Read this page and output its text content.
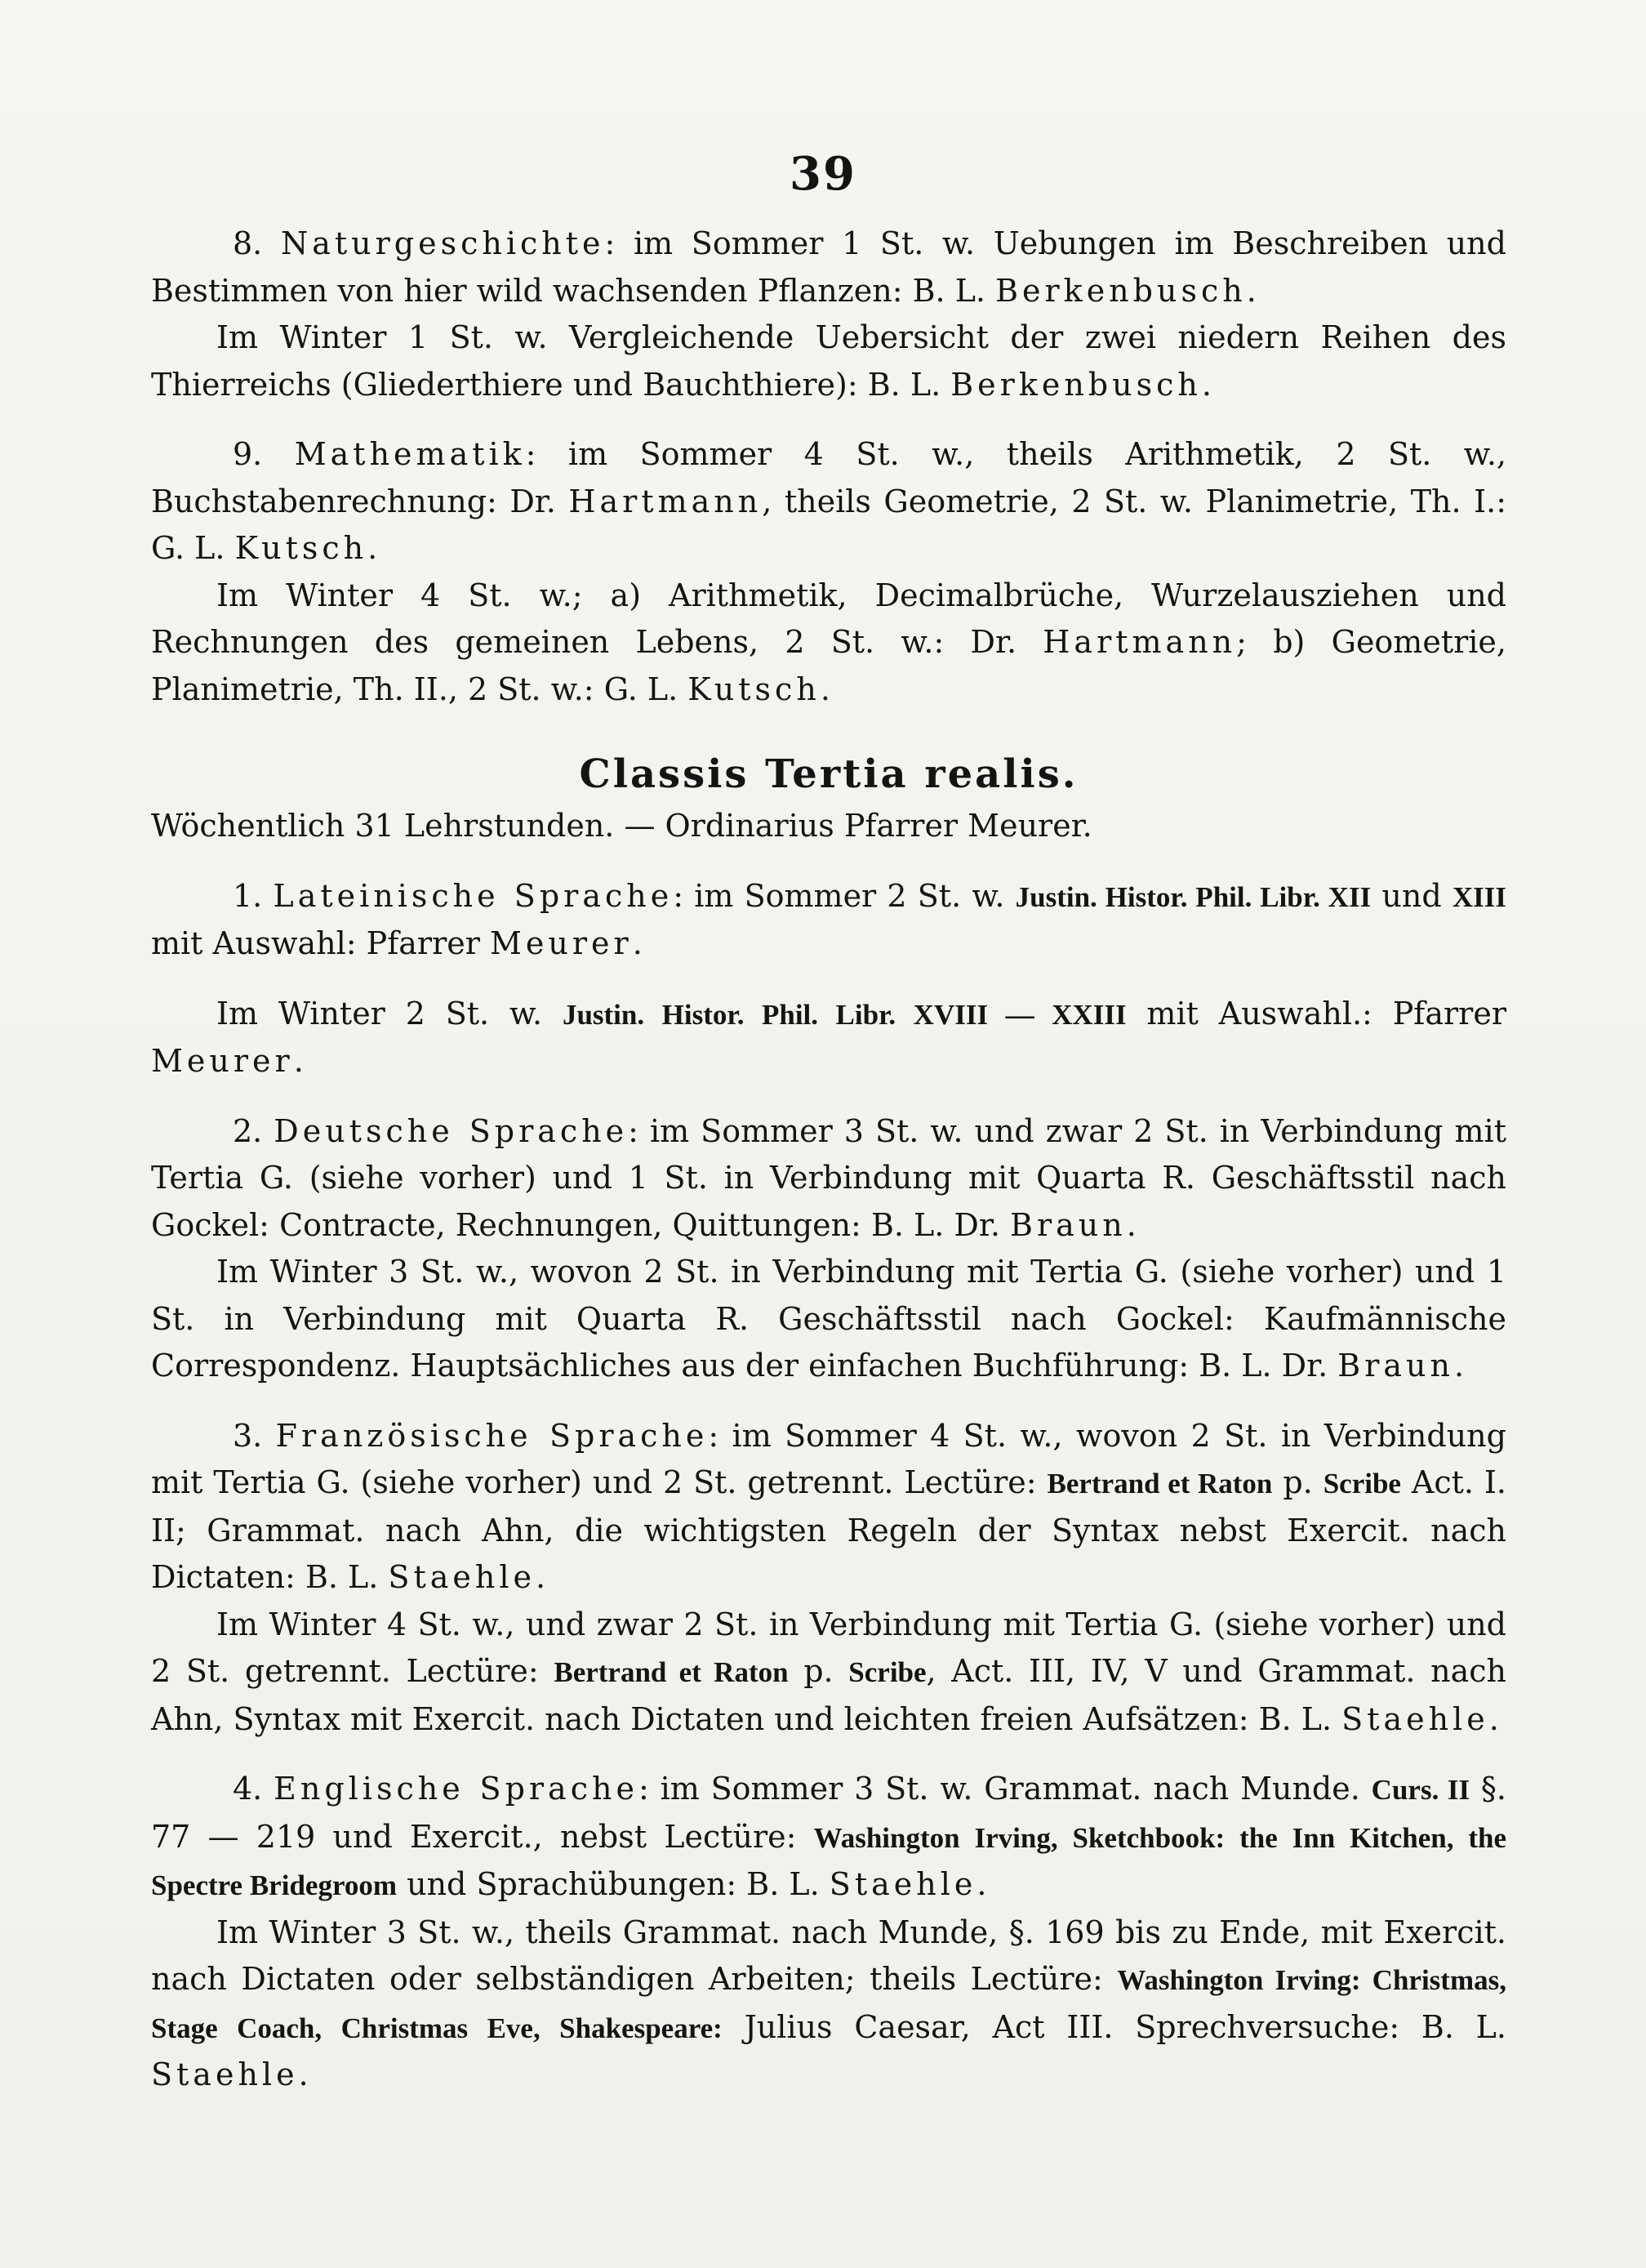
39

8. Naturgeschichte: im Sommer 1 St. w. Uebungen im Beschreiben und Bestimmen von hier wild wachsenden Pflanzen: B. L. Berkenbusch.

Im Winter 1 St. w. Vergleichende Uebersicht der zwei niedern Reihen des Thierreichs (Gliederthiere und Bauchthiere): B. L. Berkenbusch.

9. Mathematik: im Sommer 4 St. w., theils Arithmetik, 2 St. w., Buchstabenrechnung: Dr. Hartmann, theils Geometrie, 2 St. w. Planimetrie, Th. I.: G. L. Kutsch.

Im Winter 4 St. w.; a) Arithmetik, Decimalbrüche, Wurzelausziehen und Rechnungen des gemeinen Lebens, 2 St. w.: Dr. Hartmann; b) Geometrie, Planimetrie, Th. II., 2 St. w.: G. L. Kutsch.

Classis Tertia realis.

Wöchentlich 31 Lehrstunden. — Ordinarius Pfarrer Meurer.

1. Lateinische Sprache: im Sommer 2 St. w. Justin. Histor. Phil. Libr. XII und XIII mit Auswahl: Pfarrer Meurer.

Im Winter 2 St. w. Justin. Histor. Phil. Libr. XVIII — XXIII mit Auswahl.: Pfarrer Meurer.

2. Deutsche Sprache: im Sommer 3 St. w. und zwar 2 St. in Verbindung mit Tertia G. (siehe vorher) und 1 St. in Verbindung mit Quarta R. Geschäftsstil nach Gockel: Contracte, Rechnungen, Quittungen: B. L. Dr. Braun.

Im Winter 3 St. w., wovon 2 St. in Verbindung mit Tertia G. (siehe vorher) und 1 St. in Verbindung mit Quarta R. Geschäftsstil nach Gockel: Kaufmännische Correspondenz. Hauptsächliches aus der einfachen Buchführung: B. L. Dr. Braun.

3. Französische Sprache: im Sommer 4 St. w., wovon 2 St. in Verbindung mit Tertia G. (siehe vorher) und 2 St. getrennt. Lectüre: Bertrand et Raton p. Scribe Act. I. II; Grammat. nach Ahn, die wichtigsten Regeln der Syntax nebst Exercit. nach Dictaten: B. L. Staehle.

Im Winter 4 St. w., und zwar 2 St. in Verbindung mit Tertia G. (siehe vorher) und 2 St. getrennt. Lectüre: Bertrand et Raton p. Scribe, Act. III, IV, V und Grammat. nach Ahn, Syntax mit Exercit. nach Dictaten und leichten freien Aufsätzen: B. L. Staehle.

4. Englische Sprache: im Sommer 3 St. w. Grammat. nach Munde. Curs. II §. 77 — 219 und Exercit., nebst Lectüre: Washington Irving, Sketchbook: the Inn Kitchen, the Spectre Bridegroom und Sprachübungen: B. L. Staehle.

Im Winter 3 St. w., theils Grammat. nach Munde, §. 169 bis zu Ende, mit Exercit. nach Dictaten oder selbständigen Arbeiten; theils Lectüre: Washington Irving: Christmas, Stage Coach, Christmas Eve, Shakespeare: Julius Caesar, Act III. Sprechversuche: B. L. Staehle.
